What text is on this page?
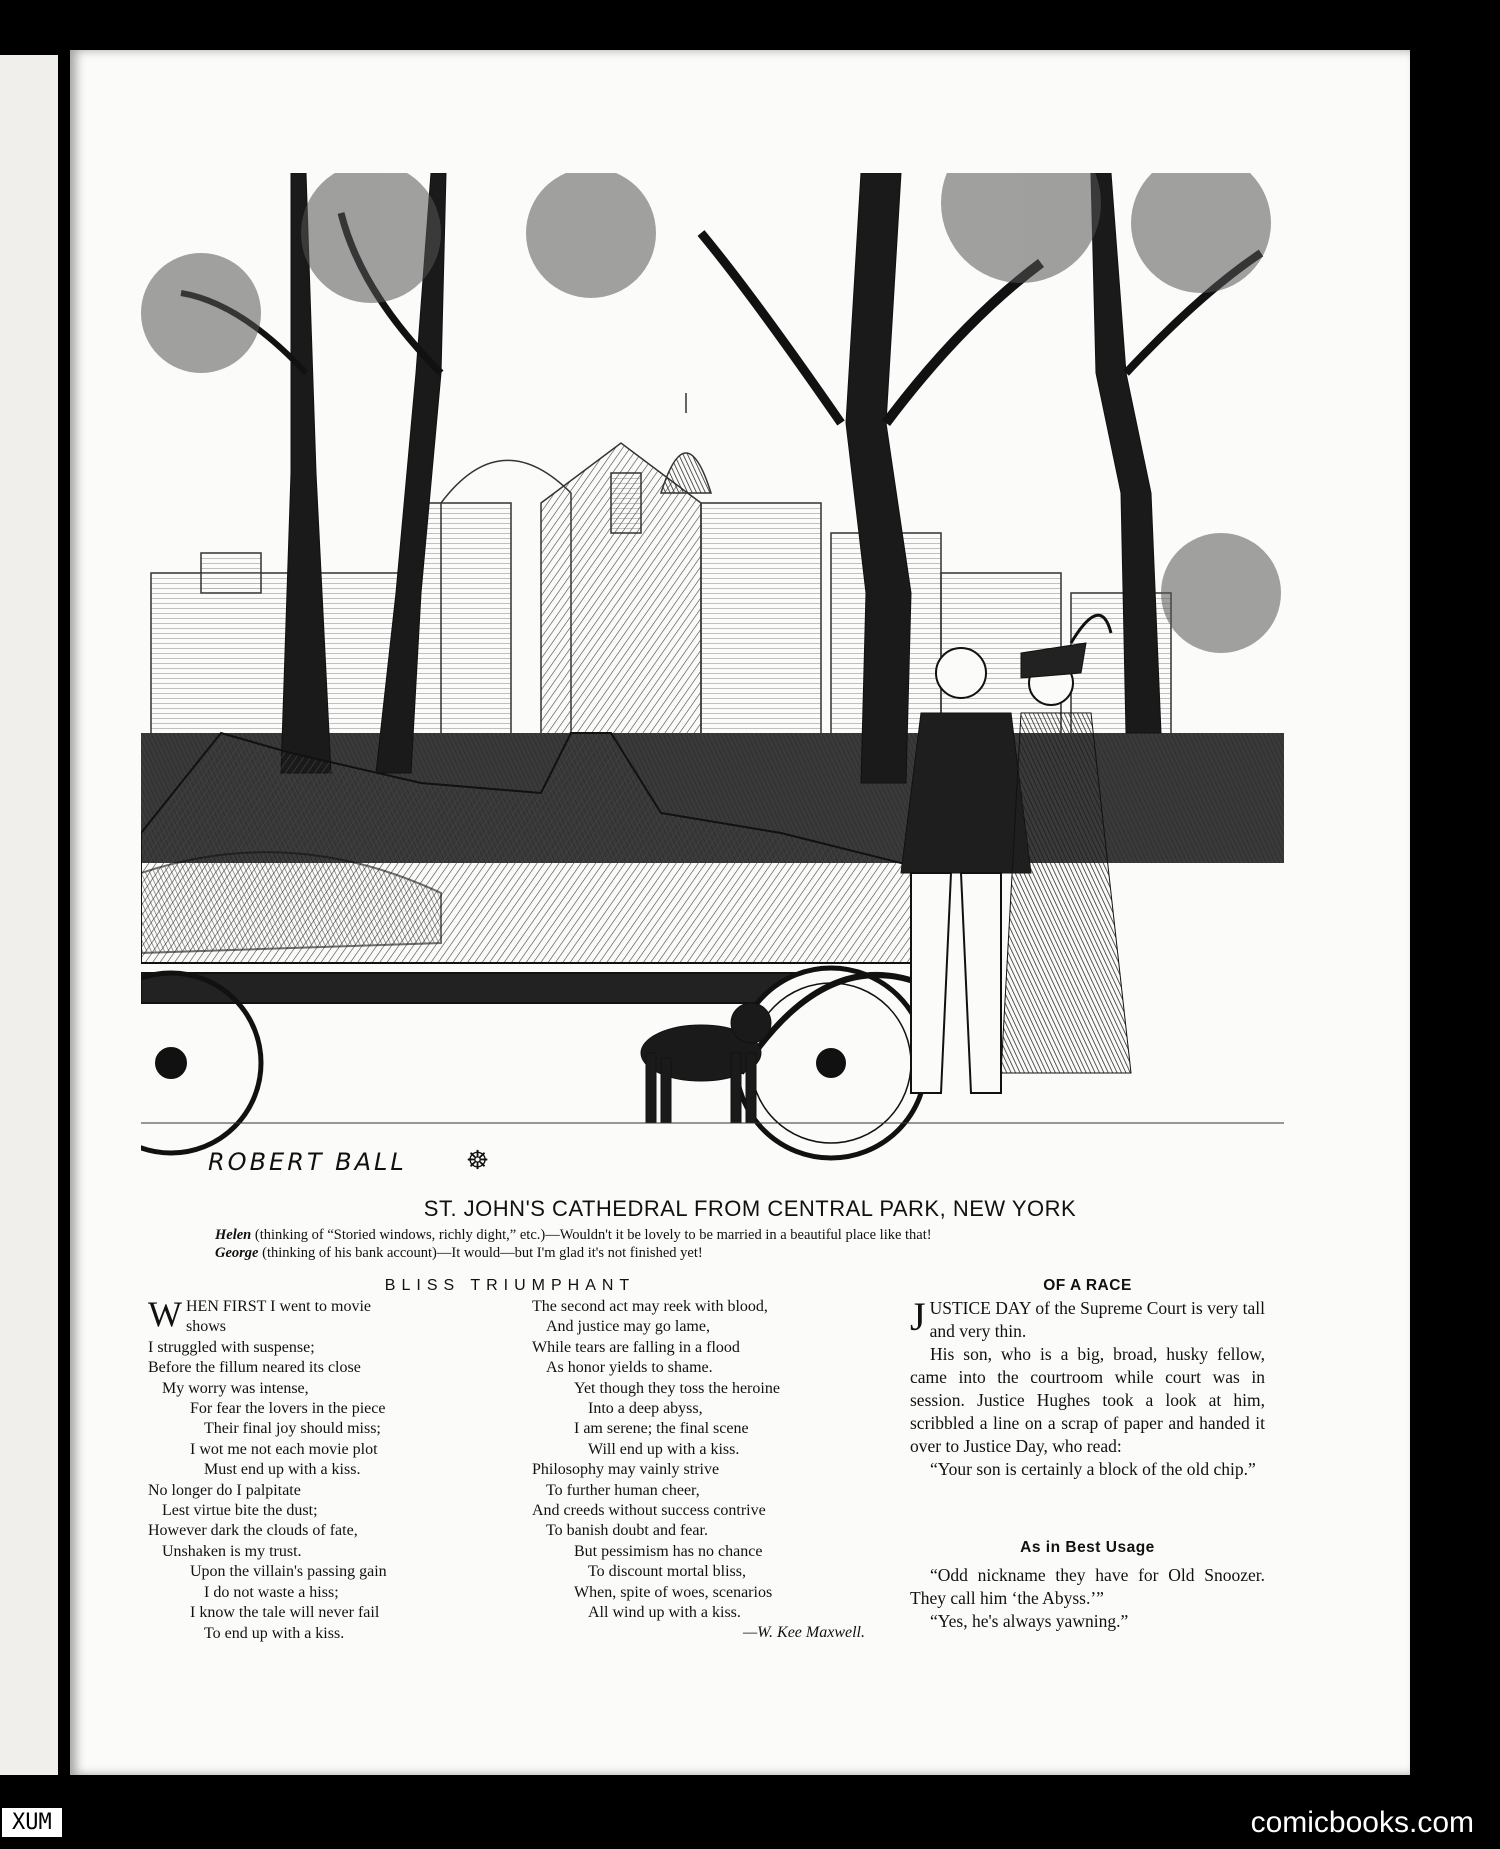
ROBERT BALL ☸
ST. JOHN'S CATHEDRAL FROM CENTRAL PARK, NEW YORK
Helen (thinking of “Storied windows, richly dight,” etc.)—Wouldn't it be lovely to be married in a beautiful place like that!
George (thinking of his bank account)—It would—but I'm glad it's not finished yet!
BLISS TRIUMPHANT
W HEN FIRST I went to movie
shows
I struggled with suspense;
Before the fillum neared its close
My worry was intense,
For fear the lovers in the piece
Their final joy should miss;
I wot me not each movie plot
Must end up with a kiss.
No longer do I palpitate
Lest virtue bite the dust;
However dark the clouds of fate,
Unshaken is my trust.
Upon the villain's passing gain
I do not waste a hiss;
I know the tale will never fail
To end up with a kiss.
The second act may reek with blood,
And justice may go lame,
While tears are falling in a flood
As honor yields to shame.
Yet though they toss the heroine
Into a deep abyss,
I am serene; the final scene
Will end up with a kiss.
Philosophy may vainly strive
To further human cheer,
And creeds without success contrive
To banish doubt and fear.
But pessimism has no chance
To discount mortal bliss,
When, spite of woes, scenarios
All wind up with a kiss.
—W. Kee Maxwell.
OF A RACE
JUSTICE DAY of the Supreme Court is very tall and very thin.
His son, who is a big, broad, husky fellow, came into the courtroom while court was in session. Justice Hughes took a look at him, scribbled a line on a scrap of paper and handed it over to Justice Day, who read:
“Your son is certainly a block of the old chip.”
As in Best Usage
“Odd nickname they have for Old Snoozer. They call him ‘the Abyss.’”
“Yes, he's always yawning.”
XUM	comicbooks.com
